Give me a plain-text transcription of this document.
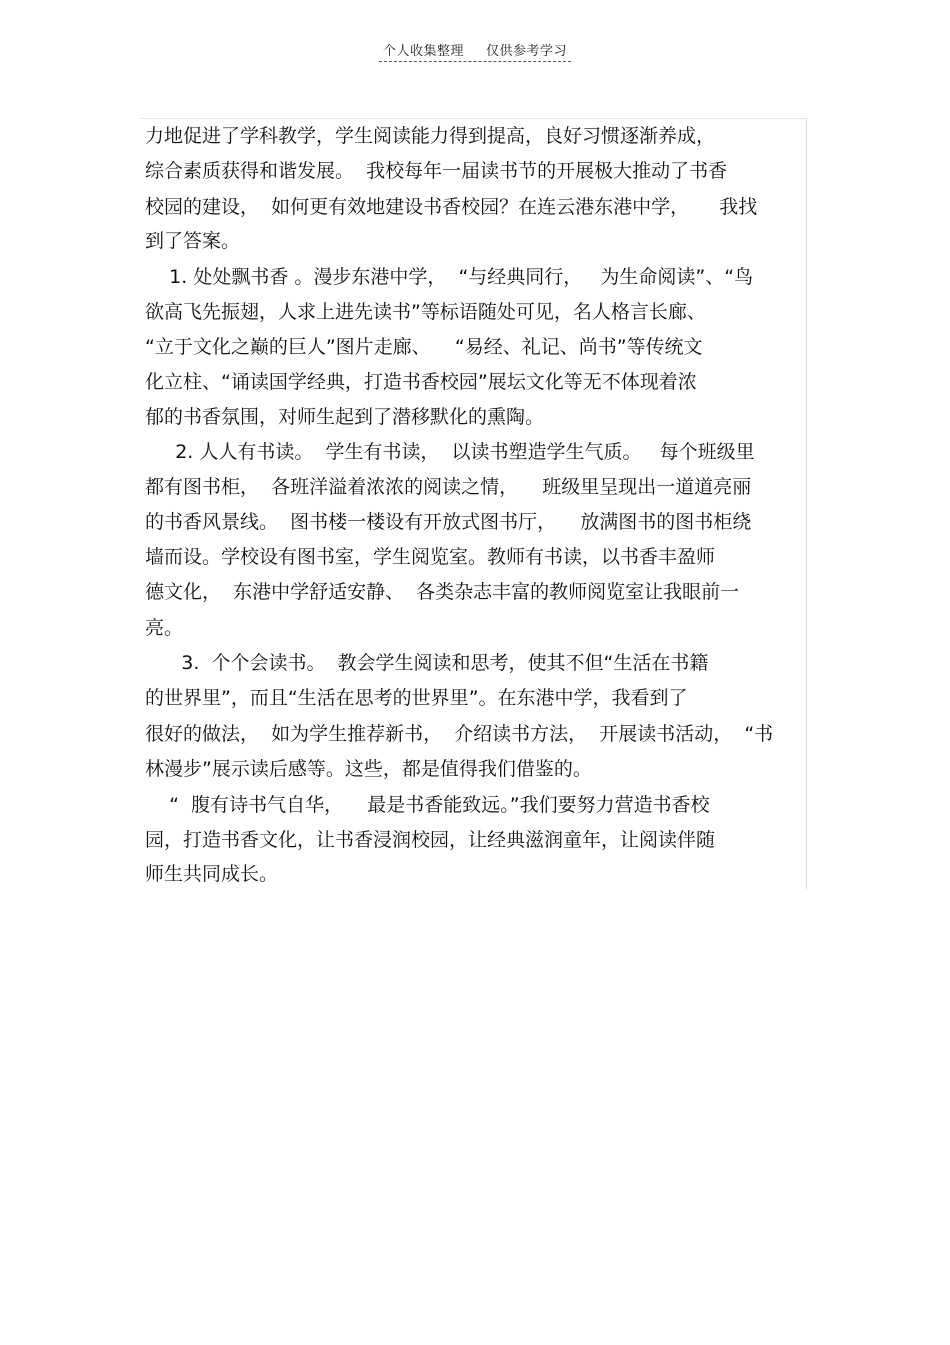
个人收集整理 仅供参考学习
力地促进了学科教学，学生阅读能力得到提高，良好习惯逐渐养成，
综合素质获得和谐发展。  我校每年一届读书节的开展极大推动了书香
校园的建设，  如何更有效地建设书香校园？在连云港东港中学，     我找
到了答案。
1. 处处飘书香 。漫步东港中学，  “与经典同行，   为生命阅读”、“鸟
欲高飞先振翅，人求上进先读书”等标语随处可见，名人格言长廊、
“立于文化之巅的巨人”图片走廊、    “易经、礼记、尚书”等传统文
化立柱、“诵读国学经典，打造书香校园”展坛文化等无不体现着浓
郁的书香氛围，对师生起到了潜移默化的熏陶。
2. 人人有书读。  学生有书读，  以读书塑造学生气质。   每个班级里
都有图书柜，  各班洋溢着浓浓的阅读之情，    班级里呈现出一道道亮丽
的书香风景线。  图书楼一楼设有开放式图书厅，    放满图书的图书柜绕
墙而设。学校设有图书室，学生阅览室。教师有书读，以书香丰盈师
德文化，  东港中学舒适安静、  各类杂志丰富的教师阅览室让我眼前一
亮。
3.  个个会读书。  教会学生阅读和思考，使其不但“生活在书籍
的世界里”，而且“生活在思考的世界里”。在东港中学，我看到了
很好的做法，  如为学生推荐新书，  介绍读书方法，  开展读书活动，  “书
林漫步”展示读后感等。这些，都是值得我们借鉴的。
“  腹有诗书气自华，    最是书香能致远。”我们要努力营造书香校
园，打造书香文化，让书香浸润校园，让经典滋润童年，让阅读伴随
师生共同成长。
